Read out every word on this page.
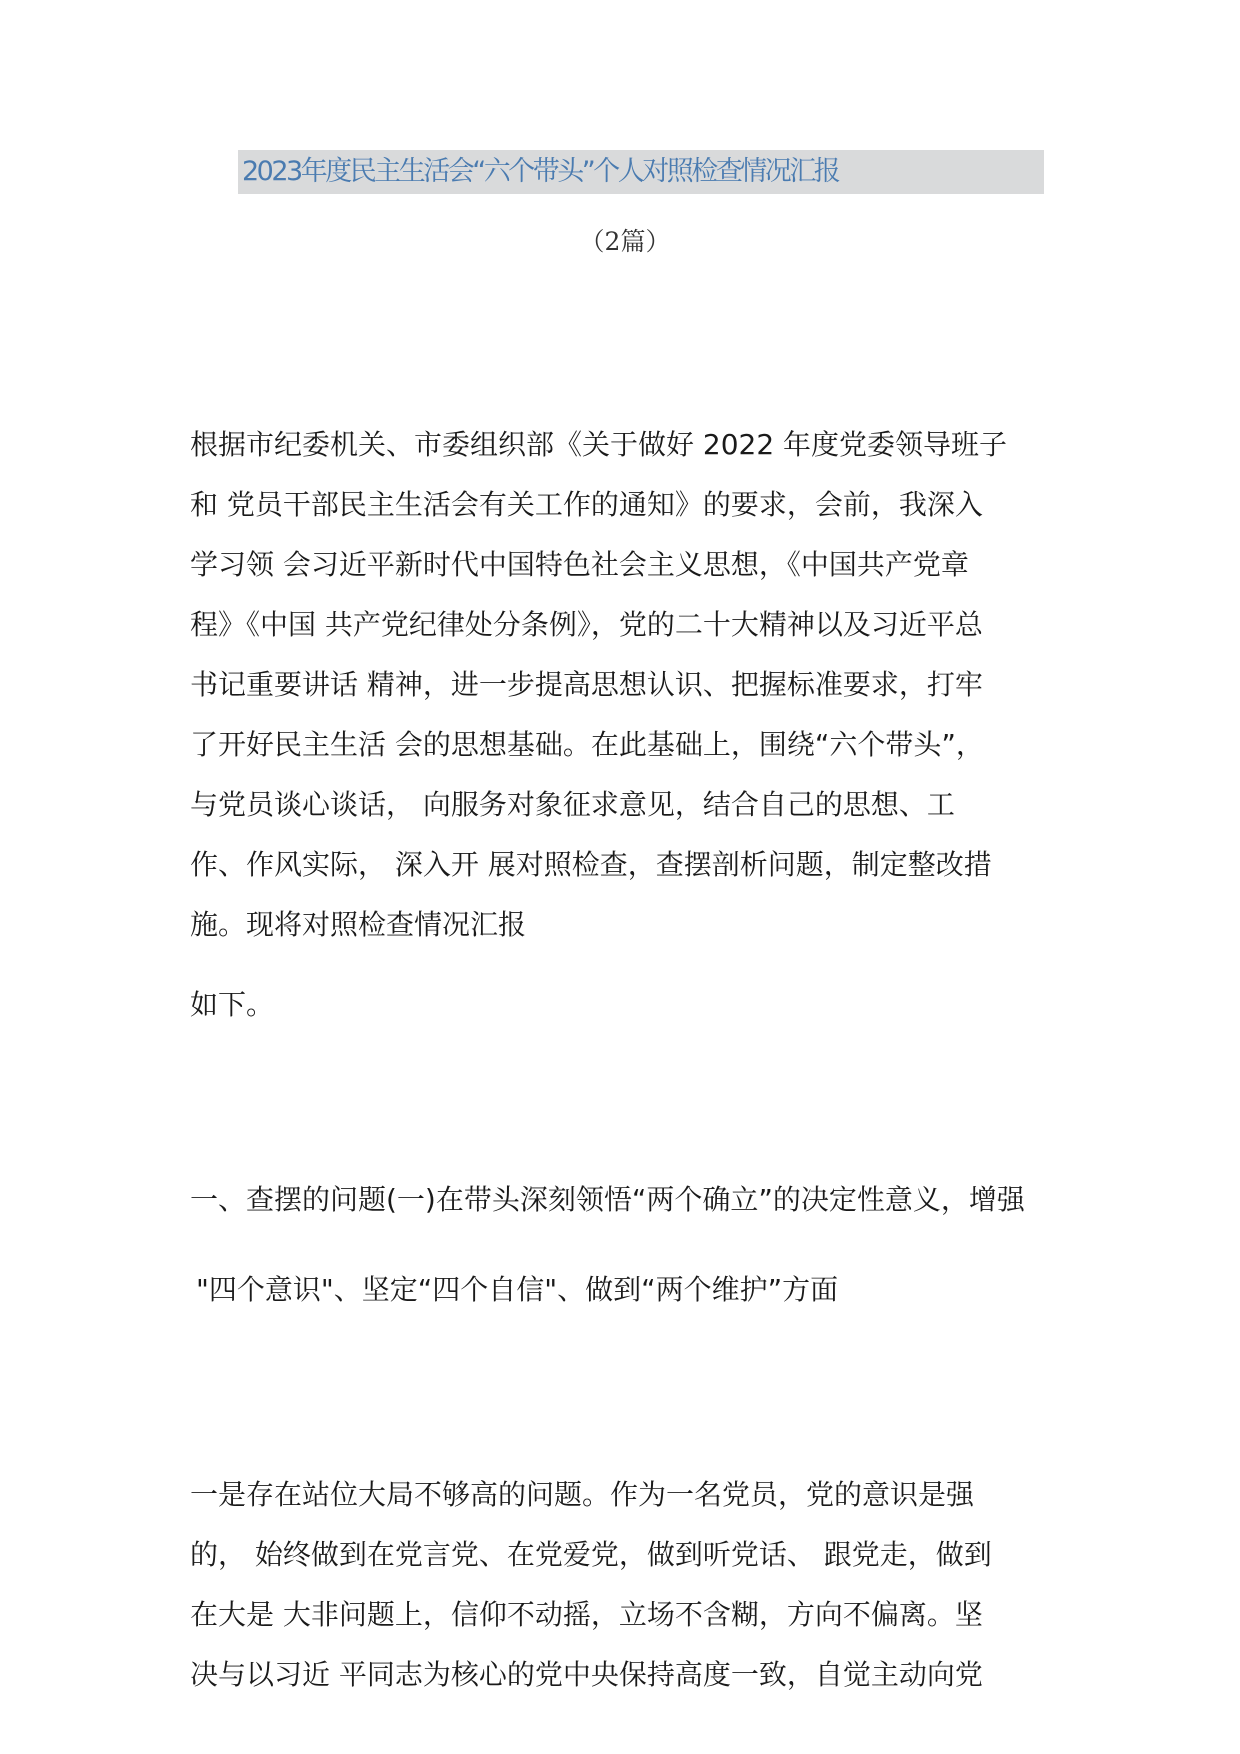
2023年度民主生活会“六个带头”个人对照检查情况汇报
（2篇）
根据市纪委机关、市委组织部《关于做好 2022 年度党委领导班子
和 党员干部民主生活会有关工作的通知》的要求，会前，我深入
学习领 会习近平新时代中国特色社会主义思想，《中国共产党章
程》《中国 共产党纪律处分条例》，党的二十大精神以及习近平总
书记重要讲话 精神，进一步提高思想认识、把握标准要求，打牢
了开好民主生活 会的思想基础。在此基础上，围绕“六个带头”，
与党员谈心谈话， 向服务对象征求意见，结合自己的思想、工
作、作风实际， 深入开 展对照检查，查摆剖析问题，制定整改措
施。现将对照检查情况汇报
如下。
一、查摆的问题(一)在带头深刻领悟“两个确立”的决定性意义，增强
"四个意识"、坚定“四个自信"、做到“两个维护”方面
一是存在站位大局不够高的问题。作为一名党员，党的意识是强
的， 始终做到在党言党、在党爱党，做到听党话、 跟党走，做到
在大是 大非问题上，信仰不动摇，立场不含糊，方向不偏离。坚
决与以习近 平同志为核心的党中央保持高度一致，自觉主动向党
